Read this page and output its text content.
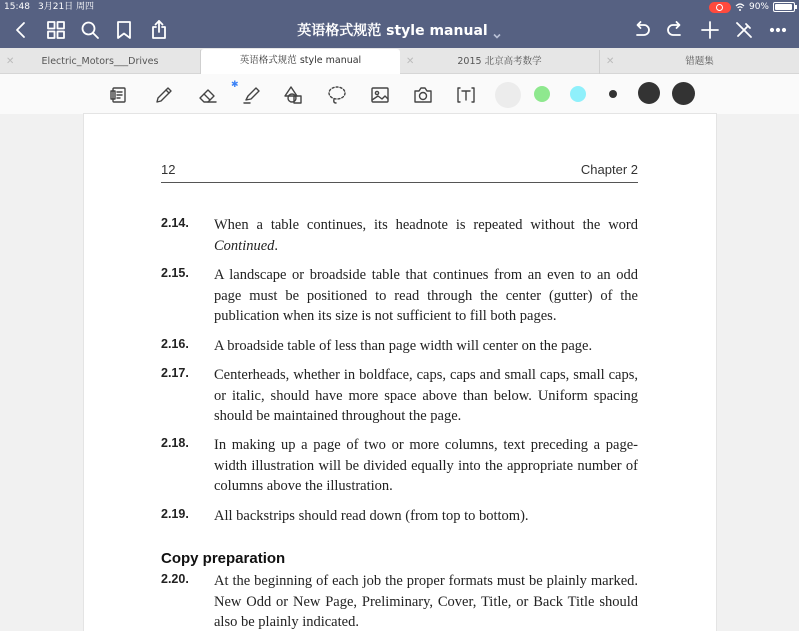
15:48 3月21日 周四	90%
英语格式规范 style manual
✕	Electric_Motors___Drives	英语格式规范 style manual	✕	2015 北京高考数学	✕	错题集
✱
12	Chapter 2
2.14. When a table continues, its headnote is repeated without the word Continued.
2.15. A landscape or broadside table that continues from an even to an odd page must be positioned to read through the center (gutter) of the publication when its size is not sufficient to fill both pages.
2.16. A broadside table of less than page width will center on the page.
2.17. Centerheads, whether in boldface, caps, caps and small caps, small caps, or italic, should have more space above than below. Uniform spacing should be maintained throughout the page.
2.18. In making up a page of two or more columns, text preceding a page-width illustration will be divided equally into the appropriate number of columns above the illustration.
2.19. All backstrips should read down (from top to bottom).
Copy preparation
2.20. At the beginning of each job the proper formats must be plainly marked. New Odd or New Page, Preliminary, Cover, Title, or Back Title should also be plainly indicated.
